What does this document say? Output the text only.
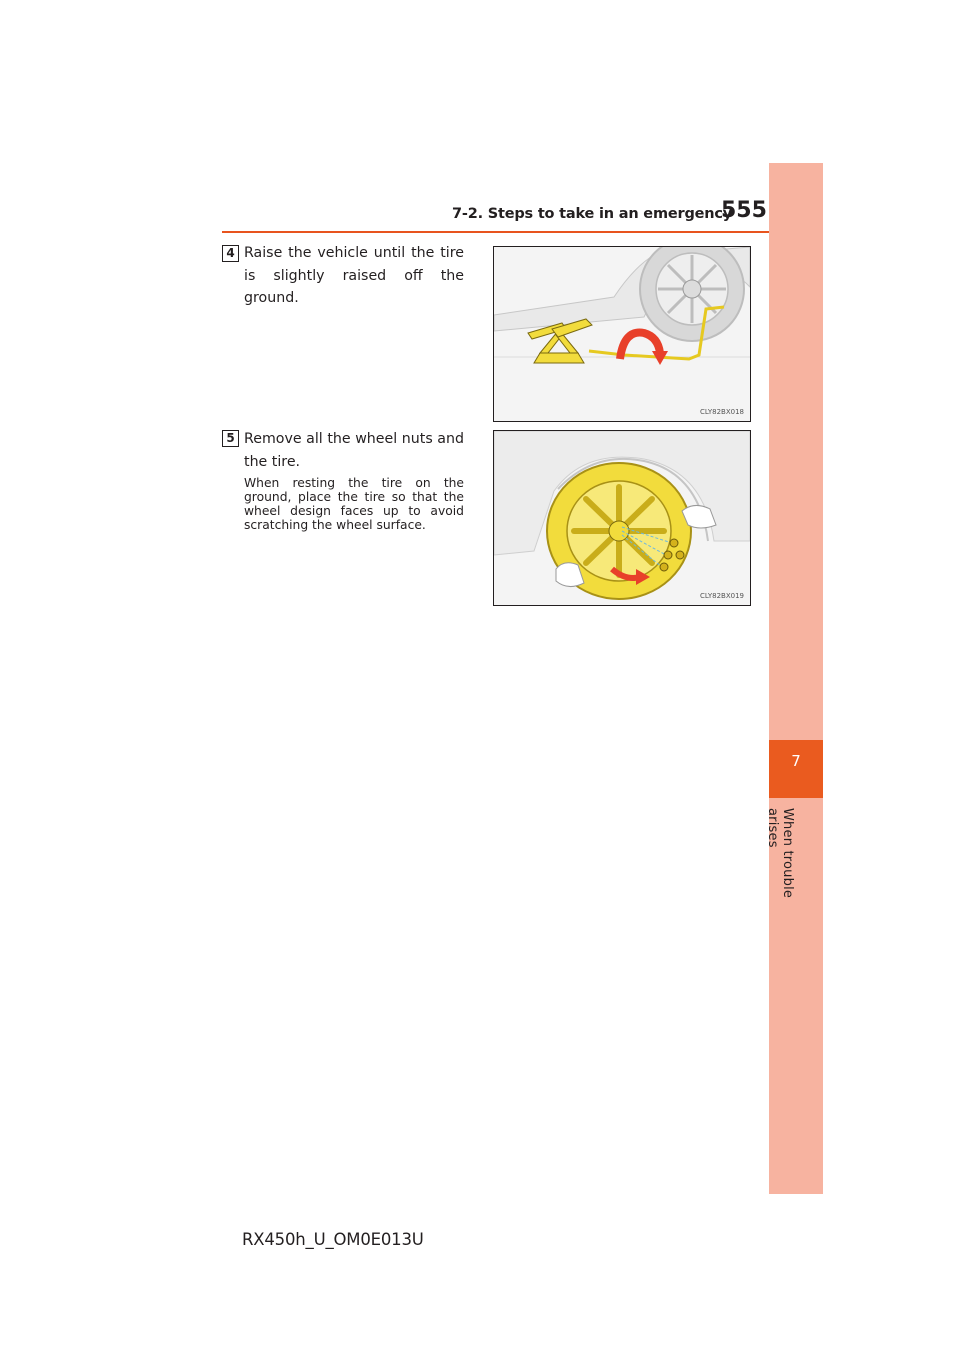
7-2. Steps to take in an emergency
555
7
When trouble arises
4 Raise the vehicle until the tire is slightly raised off the ground.
CLY82BX018
5 Remove all the wheel nuts and the tire.
When resting the tire on the ground, place the tire so that the wheel design faces up to avoid scratching the wheel surface.
CLY82BX019
RX450h_U_OM0E013U
